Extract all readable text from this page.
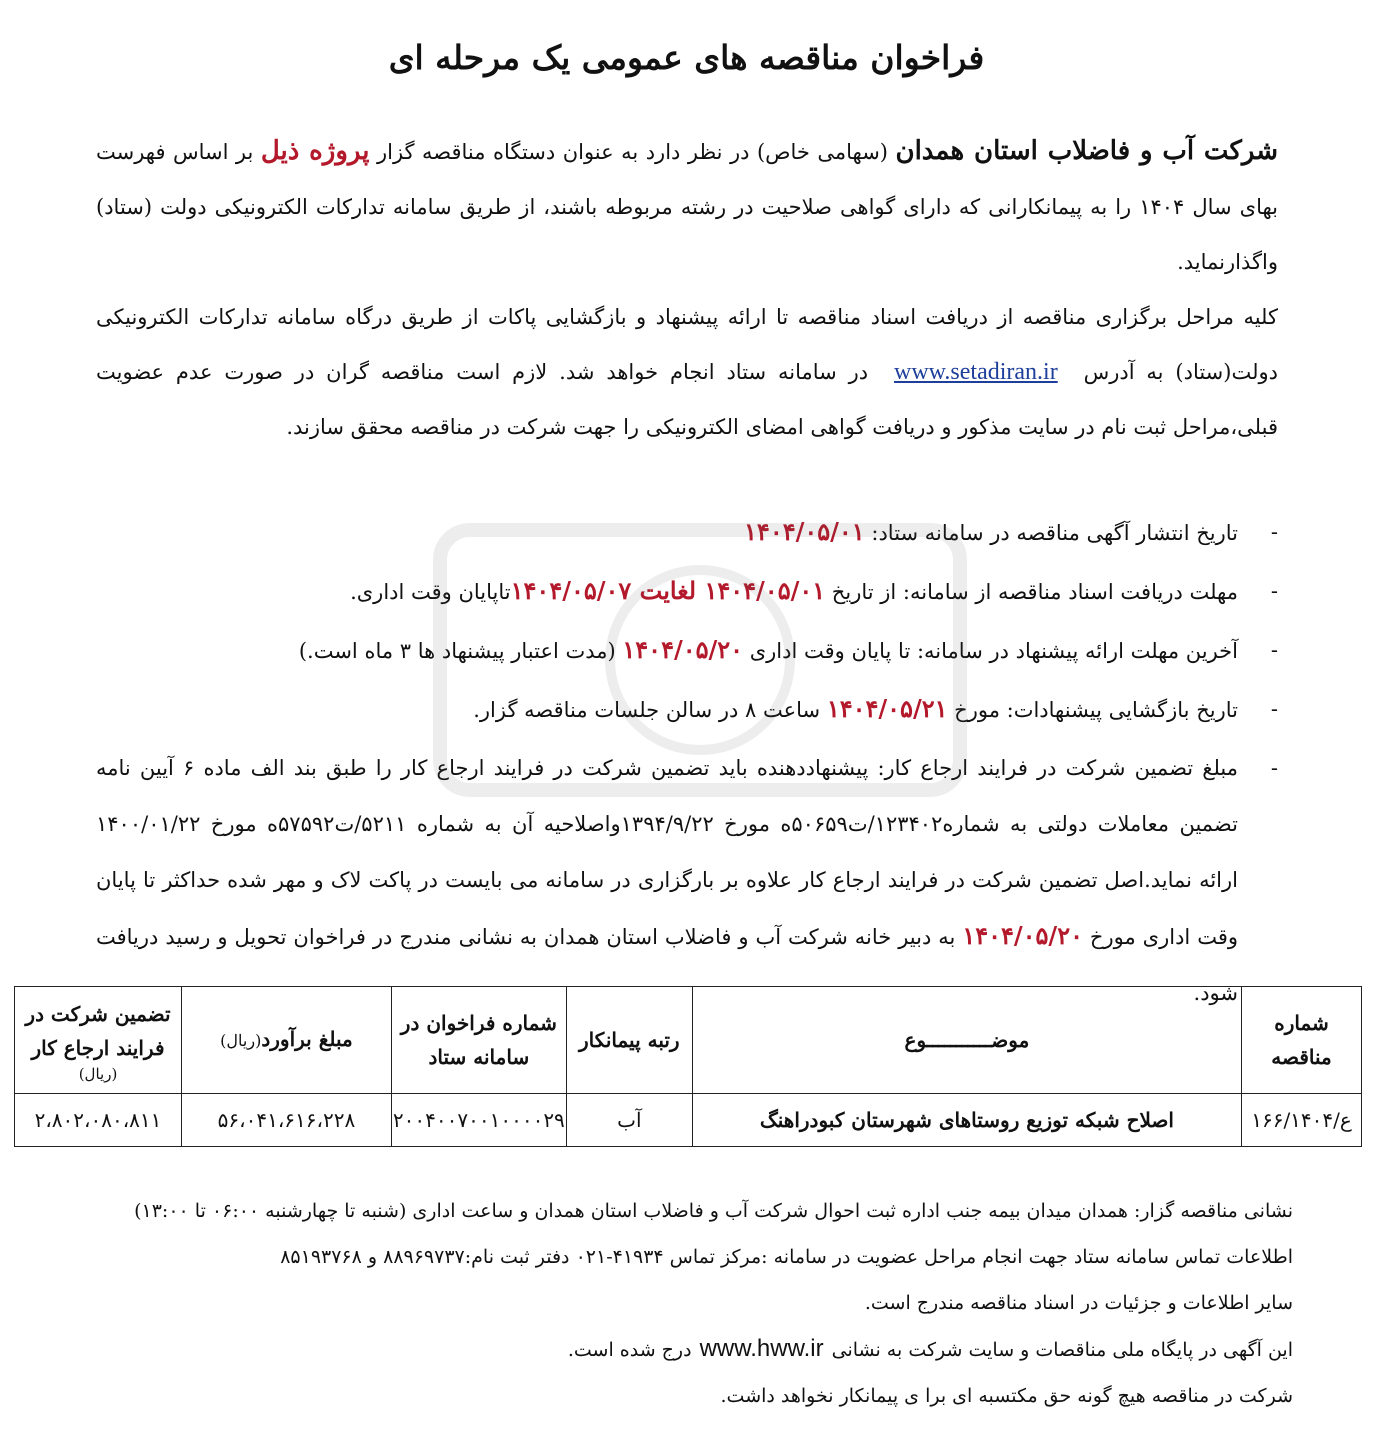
فراخوان مناقصه های عمومی یک مرحله ای

شرکت آب و فاضلاب استان همدان (سهامی خاص) در نظر دارد به عنوان دستگاه مناقصه گزار پروژه ذیل بر اساس فهرست بهای سال ۱۴۰۴ را به پیمانکارانی که دارای گواهی صلاحیت در رشته مربوطه باشند، از طریق سامانه تدارکات الکترونیکی دولت (ستاد) واگذارنماید.

کلیه مراحل برگزاری مناقصه از دریافت اسناد مناقصه تا ارائه پیشنهاد و بازگشایی پاکات از طریق درگاه سامانه تدارکات الکترونیکی دولت(ستاد) به آدرس www.setadiran.ir در سامانه ستاد انجام خواهد شد. لازم است مناقصه گران در صورت عدم عضویت قبلی،مراحل ثبت نام در سایت مذکور و دریافت گواهی امضای الکترونیکی را جهت شرکت در مناقصه محقق سازند.

-
تاریخ انتشار آگهی مناقصه در سامانه ستاد: ۱۴۰۴/۰۵/۰۱
-
مهلت دریافت اسناد مناقصه از سامانه: از تاریخ ۱۴۰۴/۰۵/۰۱ لغایت ۱۴۰۴/۰۵/۰۷تاپایان وقت اداری.
-
آخرین مهلت ارائه پیشنهاد در سامانه: تا پایان وقت اداری ۱۴۰۴/۰۵/۲۰ (مدت اعتبار پیشنهاد ها ۳ ماه است.)
-
تاریخ بازگشایی پیشنهادات: مورخ ۱۴۰۴/۰۵/۲۱ ساعت ۸ در سالن جلسات مناقصه گزار.
-
مبلغ تضمین شرکت در فرایند ارجاع کار: پیشنهاددهنده باید تضمین شرکت در فرایند ارجاع کار را طبق بند الف ماده ۶ آیین نامه تضمین معاملات دولتی به شماره۱۲۳۴۰۲/ت۵۰۶۵۹ه مورخ ۱۳۹۴/۹/۲۲واصلاحیه آن به شماره ۵۲۱۱/ت۵۷۵۹۲ه مورخ ۱۴۰۰/۰۱/۲۲ ارائه نماید.اصل تضمین شرکت در فرایند ارجاع کار علاوه بر بارگزاری در سامانه می بایست در پاکت لاک و مهر شده حداکثر تا پایان وقت اداری مورخ ۱۴۰۴/۰۵/۲۰ به دبیر خانه شرکت آب و فاضلاب استان همدان به نشانی مندرج در فراخوان تحویل و رسید دریافت شود.
شماره مناقصه	موضـــــــــــوع	رتبه پیمانکار	شماره فراخوان در سامانه ستاد	مبلغ برآورد(ریال)	تضمین شرکت در فرایند ارجاع کار
(ریال)

ع/۱۶۶/۱۴۰۴	اصلاح شبکه توزیع روستاهای شهرستان کبودراهنگ	آب	۲۰۰۴۰۰۷۰۰۱۰۰۰۰۲۹	۵۶،۰۴۱،۶۱۶،۲۲۸	۲،۸۰۲،۰۸۰،۸۱۱

نشانی مناقصه گزار: همدان میدان بیمه جنب اداره ثبت احوال شرکت آب و فاضلاب استان همدان و ساعت اداری (شنبه تا چهارشنبه ۰۶:۰۰ تا ۱۳:۰۰)

اطلاعات تماس سامانه ستاد جهت انجام مراحل عضویت در سامانه :مرکز تماس ۴۱۹۳۴-۰۲۱ دفتر ثبت نام:۸۸۹۶۹۷۳۷ و ۸۵۱۹۳۷۶۸

سایر اطلاعات و جزئیات در اسناد مناقصه مندرج است.

این آگهی در پایگاه ملی مناقصات و سایت شرکت به نشانیwww.hww.irدرج شده است.

شرکت در مناقصه هیچ گونه حق مکتسبه ای برا ی پیمانکار نخواهد داشت.
